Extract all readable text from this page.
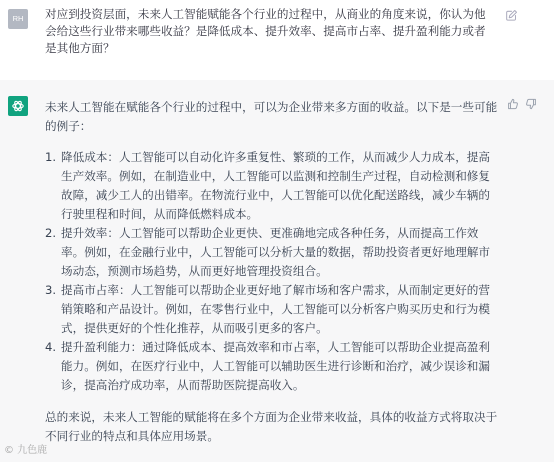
RH	对应到投资层面，未来人工智能赋能各个行业的过程中，从商业的角度来说，你认为他会给这些行业带来哪些收益？是降低成本、提升效率、提高市占率、提升盈利能力或者是其他方面？

未来人工智能在赋能各个行业的过程中，可以为企业带来多方面的收益。以下是一些可能的例子：

1. 降低成本：人工智能可以自动化许多重复性、繁琐的工作，从而减少人力成本，提高生产效率。例如，在制造业中，人工智能可以监测和控制生产过程，自动检测和修复故障，减少工人的出错率。在物流行业中，人工智能可以优化配送路线，减少车辆的行驶里程和时间，从而降低燃料成本。
2. 提升效率：人工智能可以帮助企业更快、更准确地完成各种任务，从而提高工作效率。例如，在金融行业中，人工智能可以分析大量的数据，帮助投资者更好地理解市场动态，预测市场趋势，从而更好地管理投资组合。
3. 提高市占率：人工智能可以帮助企业更好地了解市场和客户需求，从而制定更好的营销策略和产品设计。例如，在零售行业中，人工智能可以分析客户购买历史和行为模式，提供更好的个性化推荐，从而吸引更多的客户。
4. 提升盈利能力：通过降低成本、提高效率和市占率，人工智能可以帮助企业提高盈利能力。例如，在医疗行业中，人工智能可以辅助医生进行诊断和治疗，减少误诊和漏诊，提高治疗成功率，从而帮助医院提高收入。

总的来说，未来人工智能的赋能将在多个方面为企业带来收益，具体的收益方式将取决于不同行业的特点和具体应用场景。

© 九色鹿
